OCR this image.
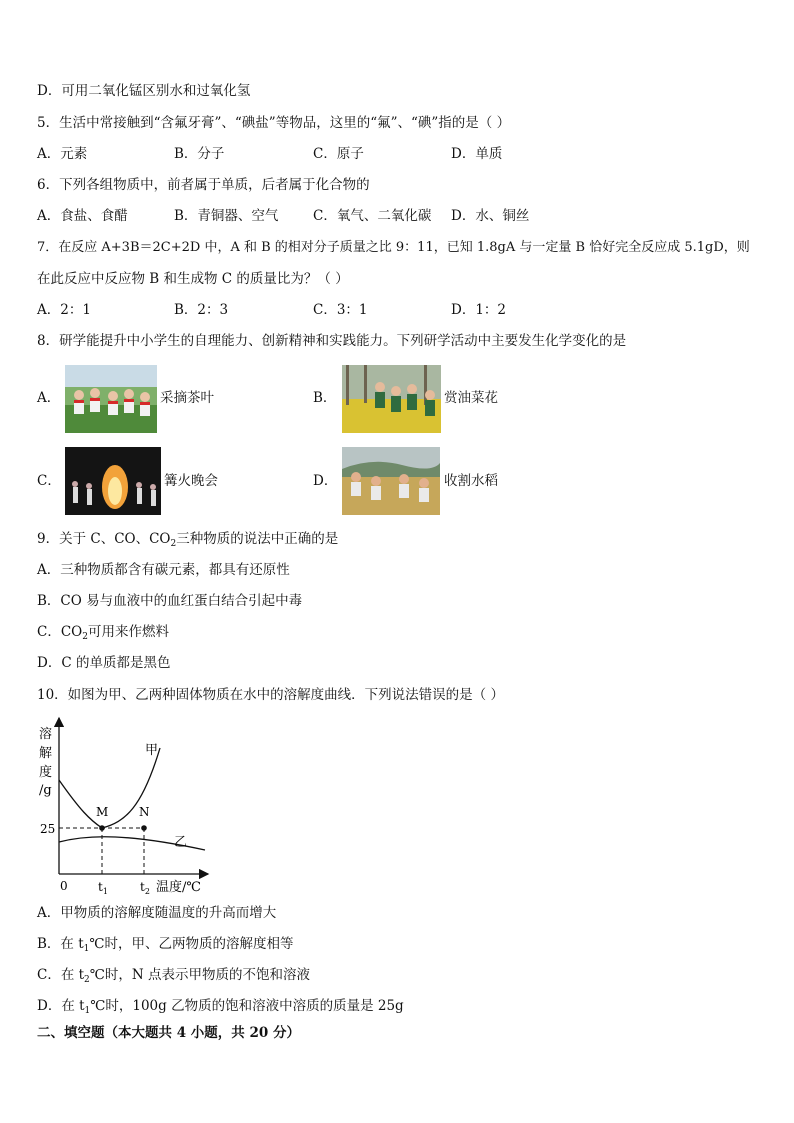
D．可用二氧化锰区别水和过氧化氢
5．生活中常接触到“含氟牙膏”、“碘盐”等物品，这里的“氟”、“碘”指的是（ ）
A．元素	B．分子	C．原子	D．单质
6．下列各组物质中，前者属于单质，后者属于化合物的
A．食盐、食醋	B．青铜器、空气	C．氧气、二氧化碳 D．水、铜丝
7．在反应 A+3B＝2C+2D 中，A 和 B 的相对分子质量之比 9：11，已知 1.8gA 与一定量 B 恰好完全反应成 5.1gD，则
在此反应中反应物 B 和生成物 C 的质量比为？（ ）
A．2：1	B．2：3	C．3：1	D．1：2
8．研学能提升中小学生的自理能力、创新精神和实践能力。下列研学活动中主要发生化学变化的是
A．	采摘茶叶	B．	赏油菜花
C．	篝火晚会	D．	收割水稻
9．关于 C、CO、$CO_2$三种物质的说法中正确的是
A．三种物质都含有碳元素，都具有还原性
B．CO 易与血液中的血红蛋白结合引起中毒
C．$CO_2$可用来作燃料
D．C 的单质都是黑色
10．如图为甲、乙两种固体物质在水中的溶解度曲线．下列说法错误的是（ ）
溶
解
度
/g
25
0	$t_1$	$t_2$ 温度/℃
甲
乙
M	N
A．甲物质的溶解度随温度的升高而增大
B．在 $t_1℃$时，甲、乙两物质的溶解度相等
C．在 $t_2℃$时，N 点表示甲物质的不饱和溶液
D．在 $t_1℃$时，100g 乙物质的饱和溶液中溶质的质量是 25g
二、填空题（本大题共 4 小题，共 20 分）
